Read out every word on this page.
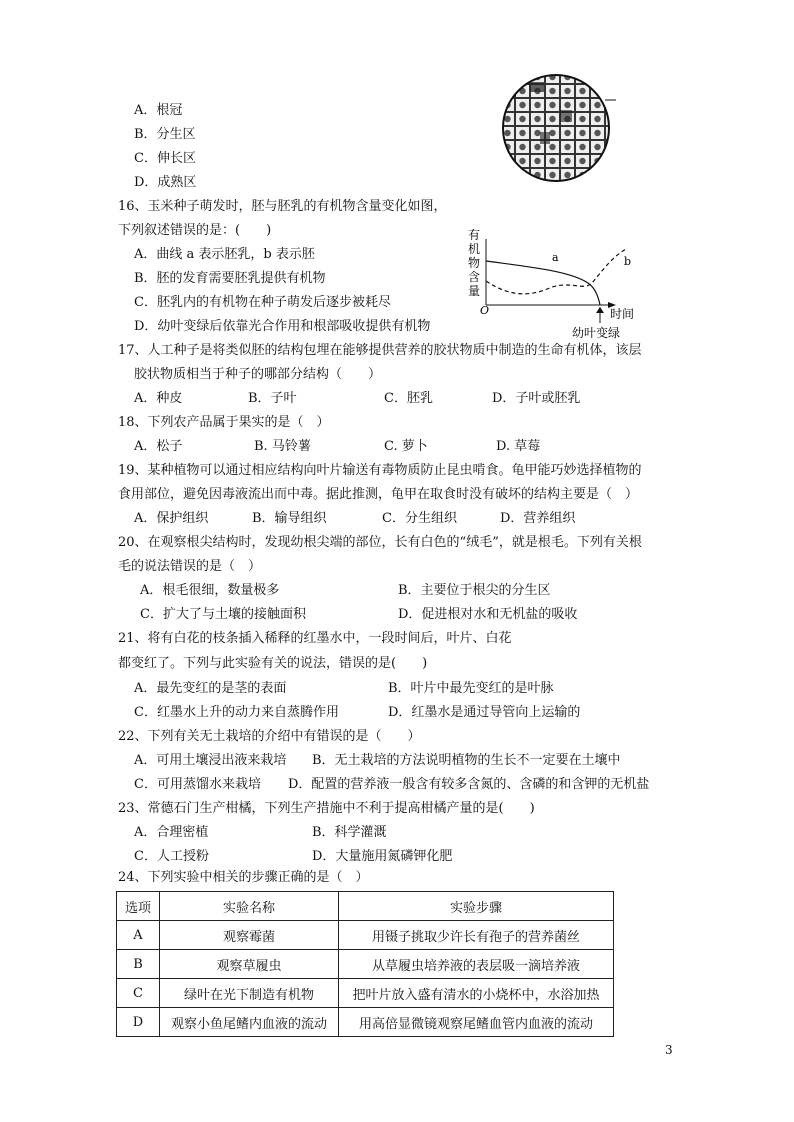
A．根冠
B．分生区
C．伸长区
D．成熟区
16、玉米种子萌发时，胚与胚乳的有机物含量变化如图，
下列叙述错误的是：(　　)
A．曲线 a 表示胚乳，b 表示胚
B．胚的发育需要胚乳提供有机物
C．胚乳内的有机物在种子萌发后逐步被耗尽
D．幼叶变绿后依靠光合作用和根部吸收提供有机物
有
机
物
含
量
O
a	b
时间
幼叶变绿
17、人工种子是将类似胚的结构包埋在能够提供营养的胶状物质中制造的生命有机体，该层
胶状物质相当于种子的哪部分结构（　　）
A．种皮	B．子叶	C．胚乳	D．子叶或胚乳
18、下列农产品属于果实的是（　）
A．松子	B. 马铃薯	C. 萝卜	D. 草莓
19、某种植物可以通过相应结构向叶片输送有毒物质防止昆虫啃食。龟甲能巧妙选择植物的
食用部位，避免因毒液流出而中毒。据此推测，龟甲在取食时没有破坏的结构主要是（　）
A．保护组织	B．输导组织	C．分生组织	D．营养组织
20、在观察根尖结构时，发现幼根尖端的部位，长有白色的“绒毛”，就是根毛。下列有关根
毛的说法错误的是（　）
A．根毛很细，数量极多	B．主要位于根尖的分生区
C．扩大了与土壤的接触面积	D．促进根对水和无机盐的吸收
21、将有白花的枝条插入稀释的红墨水中，一段时间后，叶片、白花
都变红了。下列与此实验有关的说法，错误的是(　　)
A．最先变红的是茎的表面	B．叶片中最先变红的是叶脉
C．红墨水上升的动力来自蒸腾作用	D．红墨水是通过导管向上运输的
22、下列有关无土栽培的介绍中有错误的是（　　）
A．可用土壤浸出液来栽培 B．无土栽培的方法说明植物的生长不一定要在土壤中
C．可用蒸馏水来栽培 D．配置的营养液一般含有较多含氮的、含磷的和含钾的无机盐
23、常德石门生产柑橘，下列生产措施中不利于提高柑橘产量的是(　　)
A．合理密植	B．科学灌溉
C．人工授粉	D．大量施用氮磷钾化肥
24、下列实验中相关的步骤正确的是（　）
选项	实验名称	实验步骤
A	观察霉菌	用镊子挑取少许长有孢子的营养菌丝
B	观察草履虫	从草履虫培养液的表层吸一滴培养液
C	绿叶在光下制造有机物	把叶片放入盛有清水的小烧杯中，水浴加热
D	观察小鱼尾鳍内血液的流动	用高倍显微镜观察尾鳍血管内血液的流动
3
